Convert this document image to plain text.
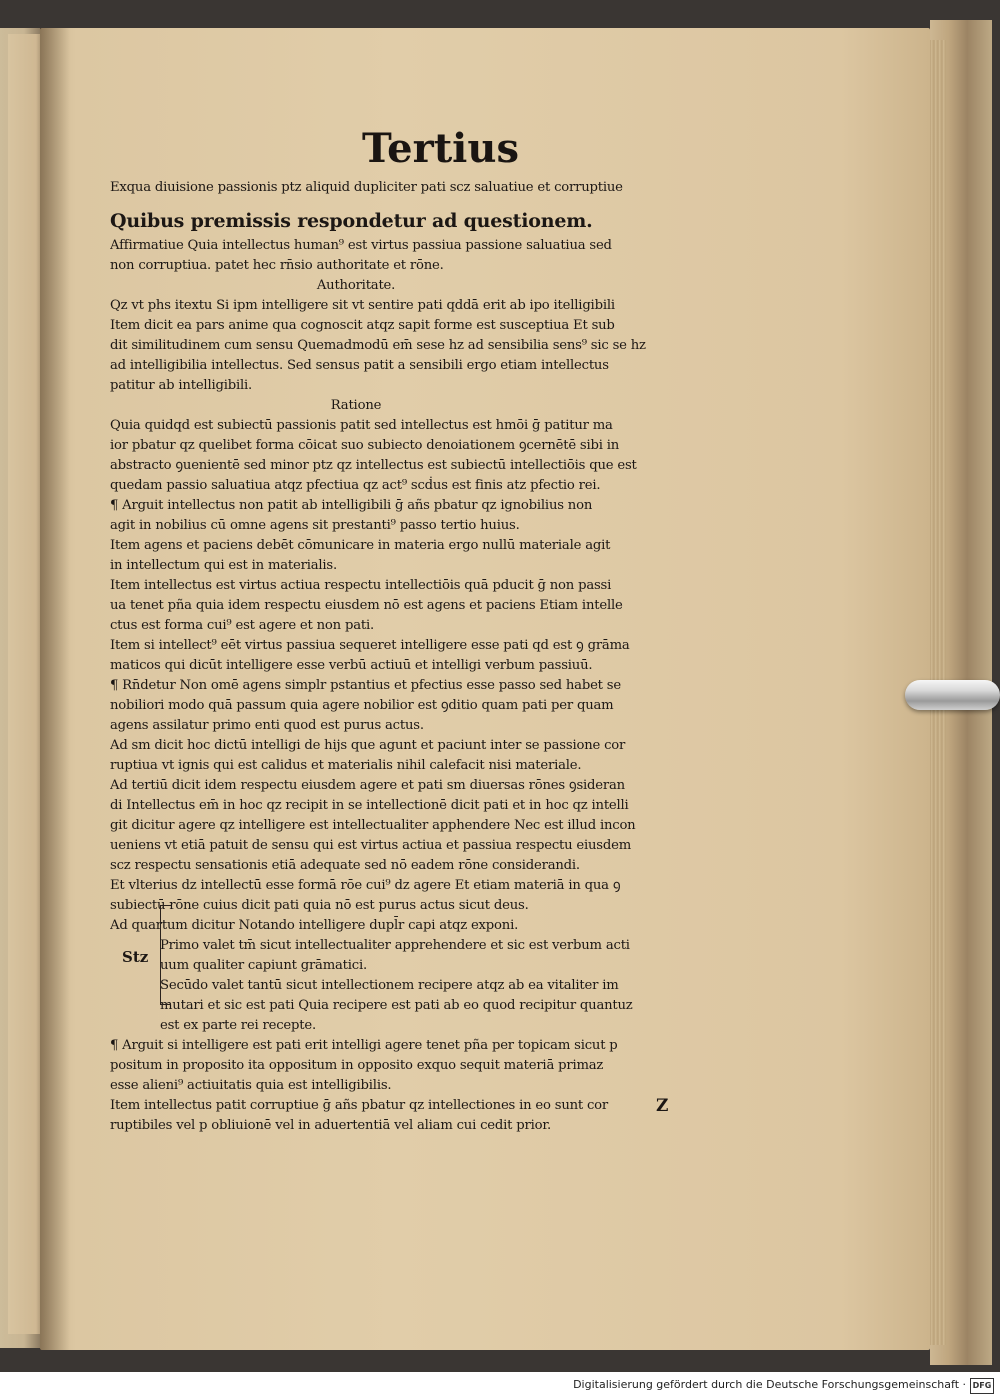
Tertius
Exqua diuisione passionis ptz aliquid dupliciter pati scz saluatiue et corruptiue
Quibus premissis respondetur ad questionem.
Affirmatiue Quia intellectus human⁹ est virtus passiua passione saluatiua sed
non corruptiua. patet hec rn̄sio authoritate et rōne.
Authoritate.
Qz vt phs itextu Si ipm intelligere sit vt sentire pati qddā erit ab ipo itelligibili
Item dicit ea pars anime qua cognoscit atqz sapit forme est susceptiua Et sub
dit similitudinem cum sensu Quemadmodū em̄ sese hz ad sensibilia sens⁹ sic se hz
ad intelligibilia intellectus. Sed sensus patit a sensibili ergo etiam intellectus
patitur ab intelligibili.
Ratione
Quia quidqd est subiectū passionis patit sed intellectus est hmōi ḡ patitur ma
ior pbatur qz quelibet forma cōicat suo subiecto denoiationem ꝯcernētē sibi in
abstracto ꝯuenientē sed minor ptz qz intellectus est subiectū intellectiōis que est
quedam passio saluatiua atqz pfectiua qz act⁹ scḋus est finis atz pfectio rei.
¶ Arguit intellectus non patit ab intelligibili ḡ añs pbatur qz ignobilius non
agit in nobilius cū omne agens sit prestanti⁹ passo tertio huius.
Item agens et paciens debēt cōmunicare in materia ergo nullū materiale agit
in intellectum qui est in materialis.
Item intellectus est virtus actiua respectu intellectiōis quā pducit ḡ non passi
ua tenet pña quia idem respectu eiusdem nō est agens et paciens Etiam intelle
ctus est forma cui⁹ est agere et non pati.
Item si intellect⁹ eēt virtus passiua sequeret intelligere esse pati qd est ꝯ grāma
maticos qui dicūt intelligere esse verbū actiuū et intelligi verbum passiuū.
¶ Rn̄detur Non omē agens simplr pstantius et pfectius esse passo sed habet se
nobiliori modo quā passum quia agere nobilior est ꝯditio quam pati per quam
agens assilatur primo enti quod est purus actus.
Ad sm dicit hoc dictū intelligi de hijs que agunt et paciunt inter se passione cor
ruptiua vt ignis qui est calidus et materialis nihil calefacit nisi materiale.
Ad tertiū dicit idem respectu eiusdem agere et pati sm diuersas rōnes ꝯsideran
di Intellectus em̄ in hoc qz recipit in se intellectionē dicit pati et in hoc qz intelli
git dicitur agere qz intelligere est intellectualiter apphendere Nec est illud incon
ueniens vt etiā patuit de sensu qui est virtus actiua et passiua respectu eiusdem
scz respectu sensationis etiā adequate sed nō eadem rōne considerandi.
Et vlterius dz intellectū esse formā rōe cui⁹ dz agere Et etiam materiā in qua ꝯ
subiectū rōne cuius dicit pati quia nō est purus actus sicut deus.
Ad quartum dicitur Notando intelligere dupl̄r capi atqz exponi.
Primo valet tm̄ sicut intellectualiter apprehendere et sic est verbum acti
uum qualiter capiunt grāmatici.
Secūdo valet tantū sicut intellectionem recipere atqz ab ea vitaliter im
mutari et sic est pati Quia recipere est pati ab eo quod recipitur quantuz
est ex parte rei recepte.
¶ Arguit si intelligere est pati erit intelligi agere tenet pña per topicam sicut p
positum in proposito ita oppositum in opposito exquo sequit materiā primaz
esse alieni⁹ actiuitatis quia est intelligibilis.
Item intellectus patit corruptiue ḡ añs pbatur qz intellectiones in eo sunt cor
ruptibiles vel p obliuionē vel in aduertentiā vel aliam cui cedit prior.
Z
Stz
Digitalisierung gefördert durch die Deutsche Forschungsgemeinschaft · DFG
